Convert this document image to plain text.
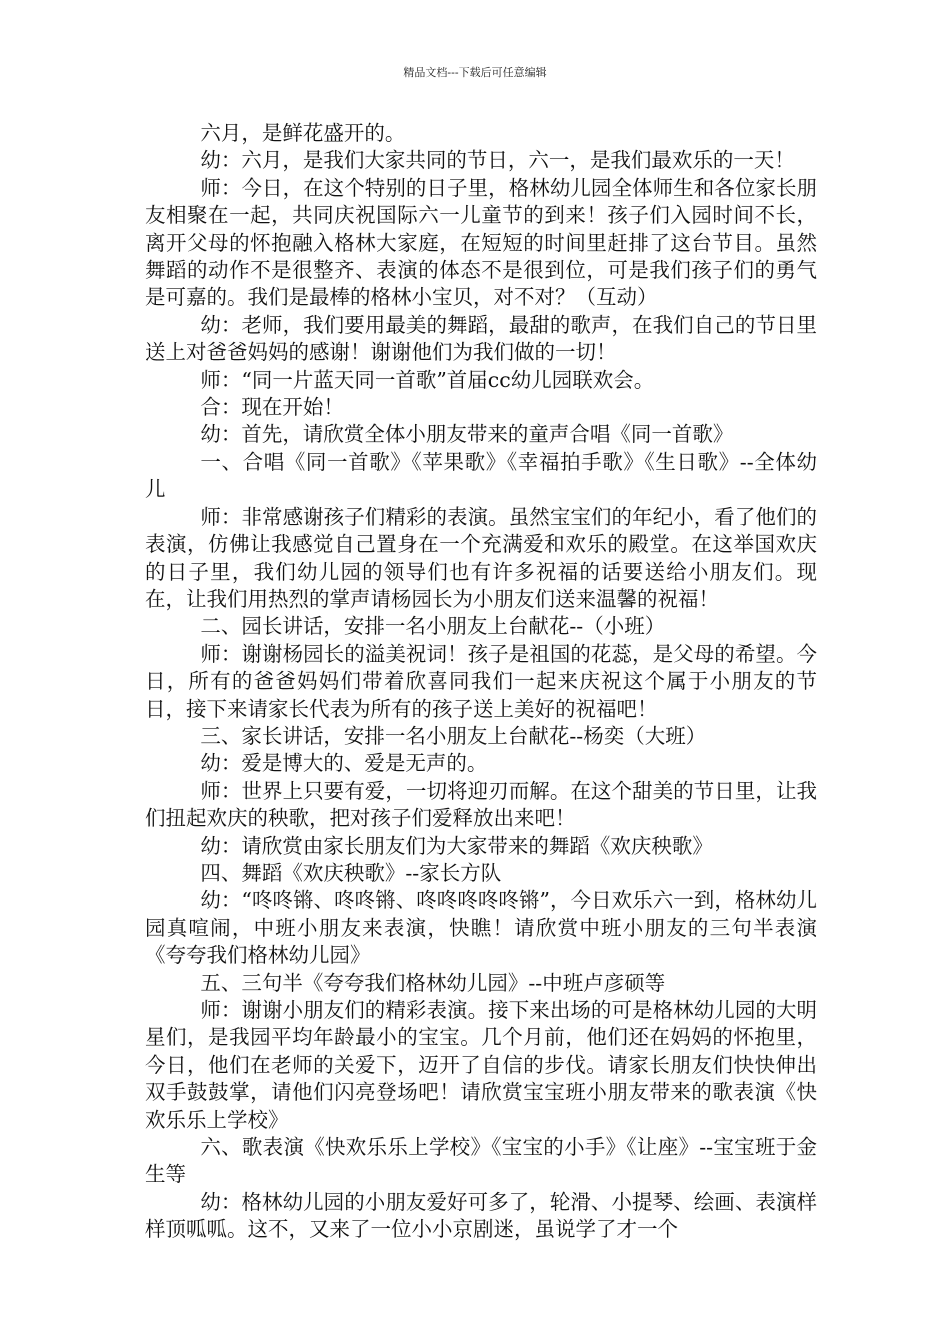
精品文档---下载后可任意编辑

六月，是鲜花盛开的。

幼：六月，是我们大家共同的节日，六一，是我们最欢乐的一天！

师：今日，在这个特别的日子里，格林幼儿园全体师生和各位家长朋友相聚在一起，共同庆祝国际六一儿童节的到来！孩子们入园时间不长，离开父母的怀抱融入格林大家庭，在短短的时间里赶排了这台节目。虽然舞蹈的动作不是很整齐、表演的体态不是很到位，可是我们孩子们的勇气是可嘉的。我们是最棒的格林小宝贝，对不对？（互动）

幼：老师，我们要用最美的舞蹈，最甜的歌声，在我们自己的节日里送上对爸爸妈妈的感谢！谢谢他们为我们做的一切！

师：“同一片蓝天同一首歌”首届cc幼儿园联欢会。

合：现在开始！

幼：首先，请欣赏全体小朋友带来的童声合唱《同一首歌》

一、合唱《同一首歌》《苹果歌》《幸福拍手歌》《生日歌》--全体幼儿

师：非常感谢孩子们精彩的表演。虽然宝宝们的年纪小，看了他们的表演，仿佛让我感觉自己置身在一个充满爱和欢乐的殿堂。在这举国欢庆的日子里，我们幼儿园的领导们也有许多祝福的话要送给小朋友们。现在，让我们用热烈的掌声请杨园长为小朋友们送来温馨的祝福！

二、园长讲话，安排一名小朋友上台献花--（小班）

师：谢谢杨园长的溢美祝词！孩子是祖国的花蕊，是父母的希望。今日，所有的爸爸妈妈们带着欣喜同我们一起来庆祝这个属于小朋友的节日，接下来请家长代表为所有的孩子送上美好的祝福吧！

三、家长讲话，安排一名小朋友上台献花--杨奕（大班）

幼：爱是博大的、爱是无声的。

师：世界上只要有爱，一切将迎刃而解。在这个甜美的节日里，让我们扭起欢庆的秧歌，把对孩子们爱释放出来吧！

幼：请欣赏由家长朋友们为大家带来的舞蹈《欢庆秧歌》

四、舞蹈《欢庆秧歌》--家长方队

幼：“咚咚锵、咚咚锵、咚咚咚咚咚锵”，今日欢乐六一到，格林幼儿园真喧闹，中班小朋友来表演，快瞧！请欣赏中班小朋友的三句半表演《夸夸我们格林幼儿园》

五、三句半《夸夸我们格林幼儿园》--中班卢彦硕等

师：谢谢小朋友们的精彩表演。接下来出场的可是格林幼儿园的大明星们，是我园平均年龄最小的宝宝。几个月前，他们还在妈妈的怀抱里，今日，他们在老师的关爱下，迈开了自信的步伐。请家长朋友们快快伸出双手鼓鼓掌，请他们闪亮登场吧！请欣赏宝宝班小朋友带来的歌表演《快欢乐乐上学校》

六、歌表演《快欢乐乐上学校》《宝宝的小手》《让座》--宝宝班于金生等

幼：格林幼儿园的小朋友爱好可多了，轮滑、小提琴、绘画、表演样样顶呱呱。这不，又来了一位小小京剧迷，虽说学了才一个
